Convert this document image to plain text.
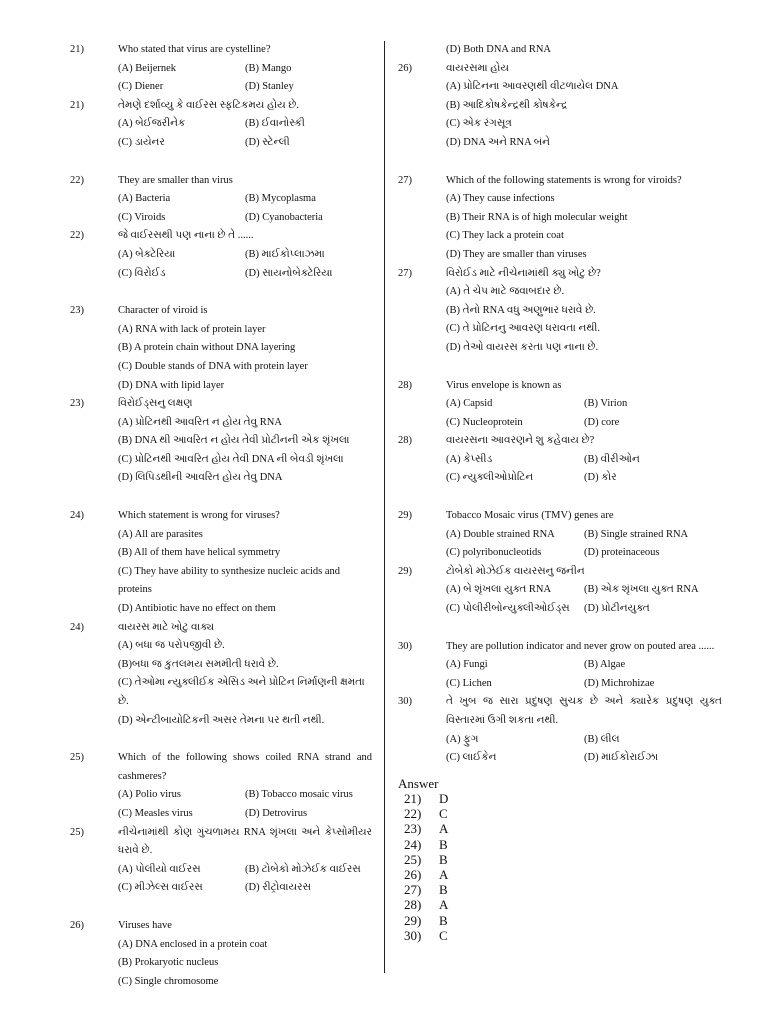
21)	Who stated that virus are cystelline?
(A) Beijernek	(B) Mango
(C) Diener	(D) Stanley
21)	તેમણે દર્શાવ્યુ કે વાઈરસ સ્ફટિકમય હોય છે.
(A) બેઈજરીનેક	(B) ઈવાનોસ્કી
(C) ડાયેનર	(D) સ્ટેન્લી
22)	They are smaller than virus
(A) Bacteria	(B) Mycoplasma
(C) Viroids	(D) Cyanobacteria
22)	જે વાઈરસથી પણ નાના છે તે ......
(A) બેક્ટેરિયા	(B) માઈકોપ્લાઝમા
(C) વિરોઈડ	(D) સાયનોબેક્ટેરિયા
23)	Character of viroid is
(A) RNA with lack of protein layer
(B) A protein chain without DNA layering
(C) Double stands of DNA with protein layer
(D) DNA with lipid layer
23)	વિરોઈડ્સનુ લક્ષણ
(A) પ્રોટિનથી આવરિત ન હોય તેવુ RNA
(B) DNA થી આવરિત ન હોય તેવી પ્રોટીનની એક શૃંખલા
(C) પ્રોટિનથી આવરિત હોય તેવી DNA ની બેવડી શૃંખલા
(D) લિપિડથીની આવરિત હોય તેવુ DNA
24)	Which statement is wrong for viruses?
(A) All are parasites
(B) All of them have helical symmetry
(C) They have ability to synthesize nucleic acids and proteins
(D) Antibiotic have no effect on them
24)	વાયરસ માટે ખોટુ વાક્ય
(A) બધા જ પરોપજીવી છે.
(B)બધા જ કુંતલમય સમમીતી ધરાવે છે.
(C) તેઓમા ન્યુક્લીઈક એસિડ અને પ્રોટિન નિર્માણની ક્ષમતા છે.
(D) એન્ટીબાયોટિકની અસર તેમના પર થતી નથી.
25)	Which of the following shows coiled RNA strand and cashmeres?
(A) Polio virus	(B) Tobacco mosaic virus
(C) Measles virus	(D) Detrovirus
25)	નીચેનામાંથી કોણ ગુંચળામય RNA શૃંખલા અને કેપ્સોમીયર ધરાવે છે.
(A) પોલીયો વાઈરસ	(B) ટોબેકો મોઝેઈક વાઈરસ
(C) મીઝેલ્સ વાઈરસ	(D) રીટ્રોવાયરસ
26)	Viruses have
(A) DNA enclosed in a protein coat
(B) Prokaryotic nucleus
(C) Single chromosome
(D) Both DNA and RNA
26)	વાયરસમા હોય
(A) પ્રોટિનના આવરણથી વીટળાયેલ DNA
(B) આદિકોષકેન્દ્રથી કોષકેન્દ્ર
(C) એક રંગસૂત્ર
(D) DNA અને RNA બંને
27)	Which of the following statements is wrong for viroids?
(A) They cause infections
(B) Their RNA is of high molecular weight
(C) They lack a protein coat
(D) They are smaller than viruses
27)	વિરોઈડ માટે નીચેનામાંથી ક્યુ ખોટુ છે?
(A) તે ચેપ માટે જવાબદાર છે.
(B) તેનો RNA વધુ અણુભાર ધરાવે છે.
(C) તે પ્રોટિનનુ આવરણ ધરાવતા નથી.
(D) તેઓ વાયરસ કરતા પણ નાના છે.
28)	Virus envelope is known as
(A) Capsid	(B) Virion
(C) Nucleoprotein	(D) core
28)	વાયરસના આવરણને શુ કહેવાય છે?
(A) કેપ્સીડ	(B) વીરીઓન
(C) ન્યુક્લીઓપ્રોટિન	(D) કોર
29)	Tobacco Mosaic virus (TMV) genes are
(A) Double strained RNA	(B) Single strained RNA
(C) polyribonucleotids	(D) proteinaceous
29)	ટોબેકો મોઝેઈક વાયરસનુ જનીન
(A) બે શૃંખલા યુક્ત RNA	(B) એક શૃંખલા યુક્ત RNA
(C) પોલીરીબોન્યુક્લીઓઈડ્સ	(D) પ્રોટીનયુક્ત
30)	They are pollution indicator and never grow on pouted area ......
(A) Fungi	(B) Algae
(C) Lichen	(D) Michrohizae
30)	તે ખુબ જ સારા પ્રદુષણ સુચક છે અને ક્યારેક પ્રદુષણ યુક્ત વિસ્તારમાં ઉગી શકતા નથી.
(A) ફુગ	(B) લીલ
(C) લાઈકેન	(D) માઈકોરાઈઝા
Answer
21)	D
22)	C
23)	A
24)	B
25)	B
26)	A
27)	B
28)	A
29)	B
30)	C
